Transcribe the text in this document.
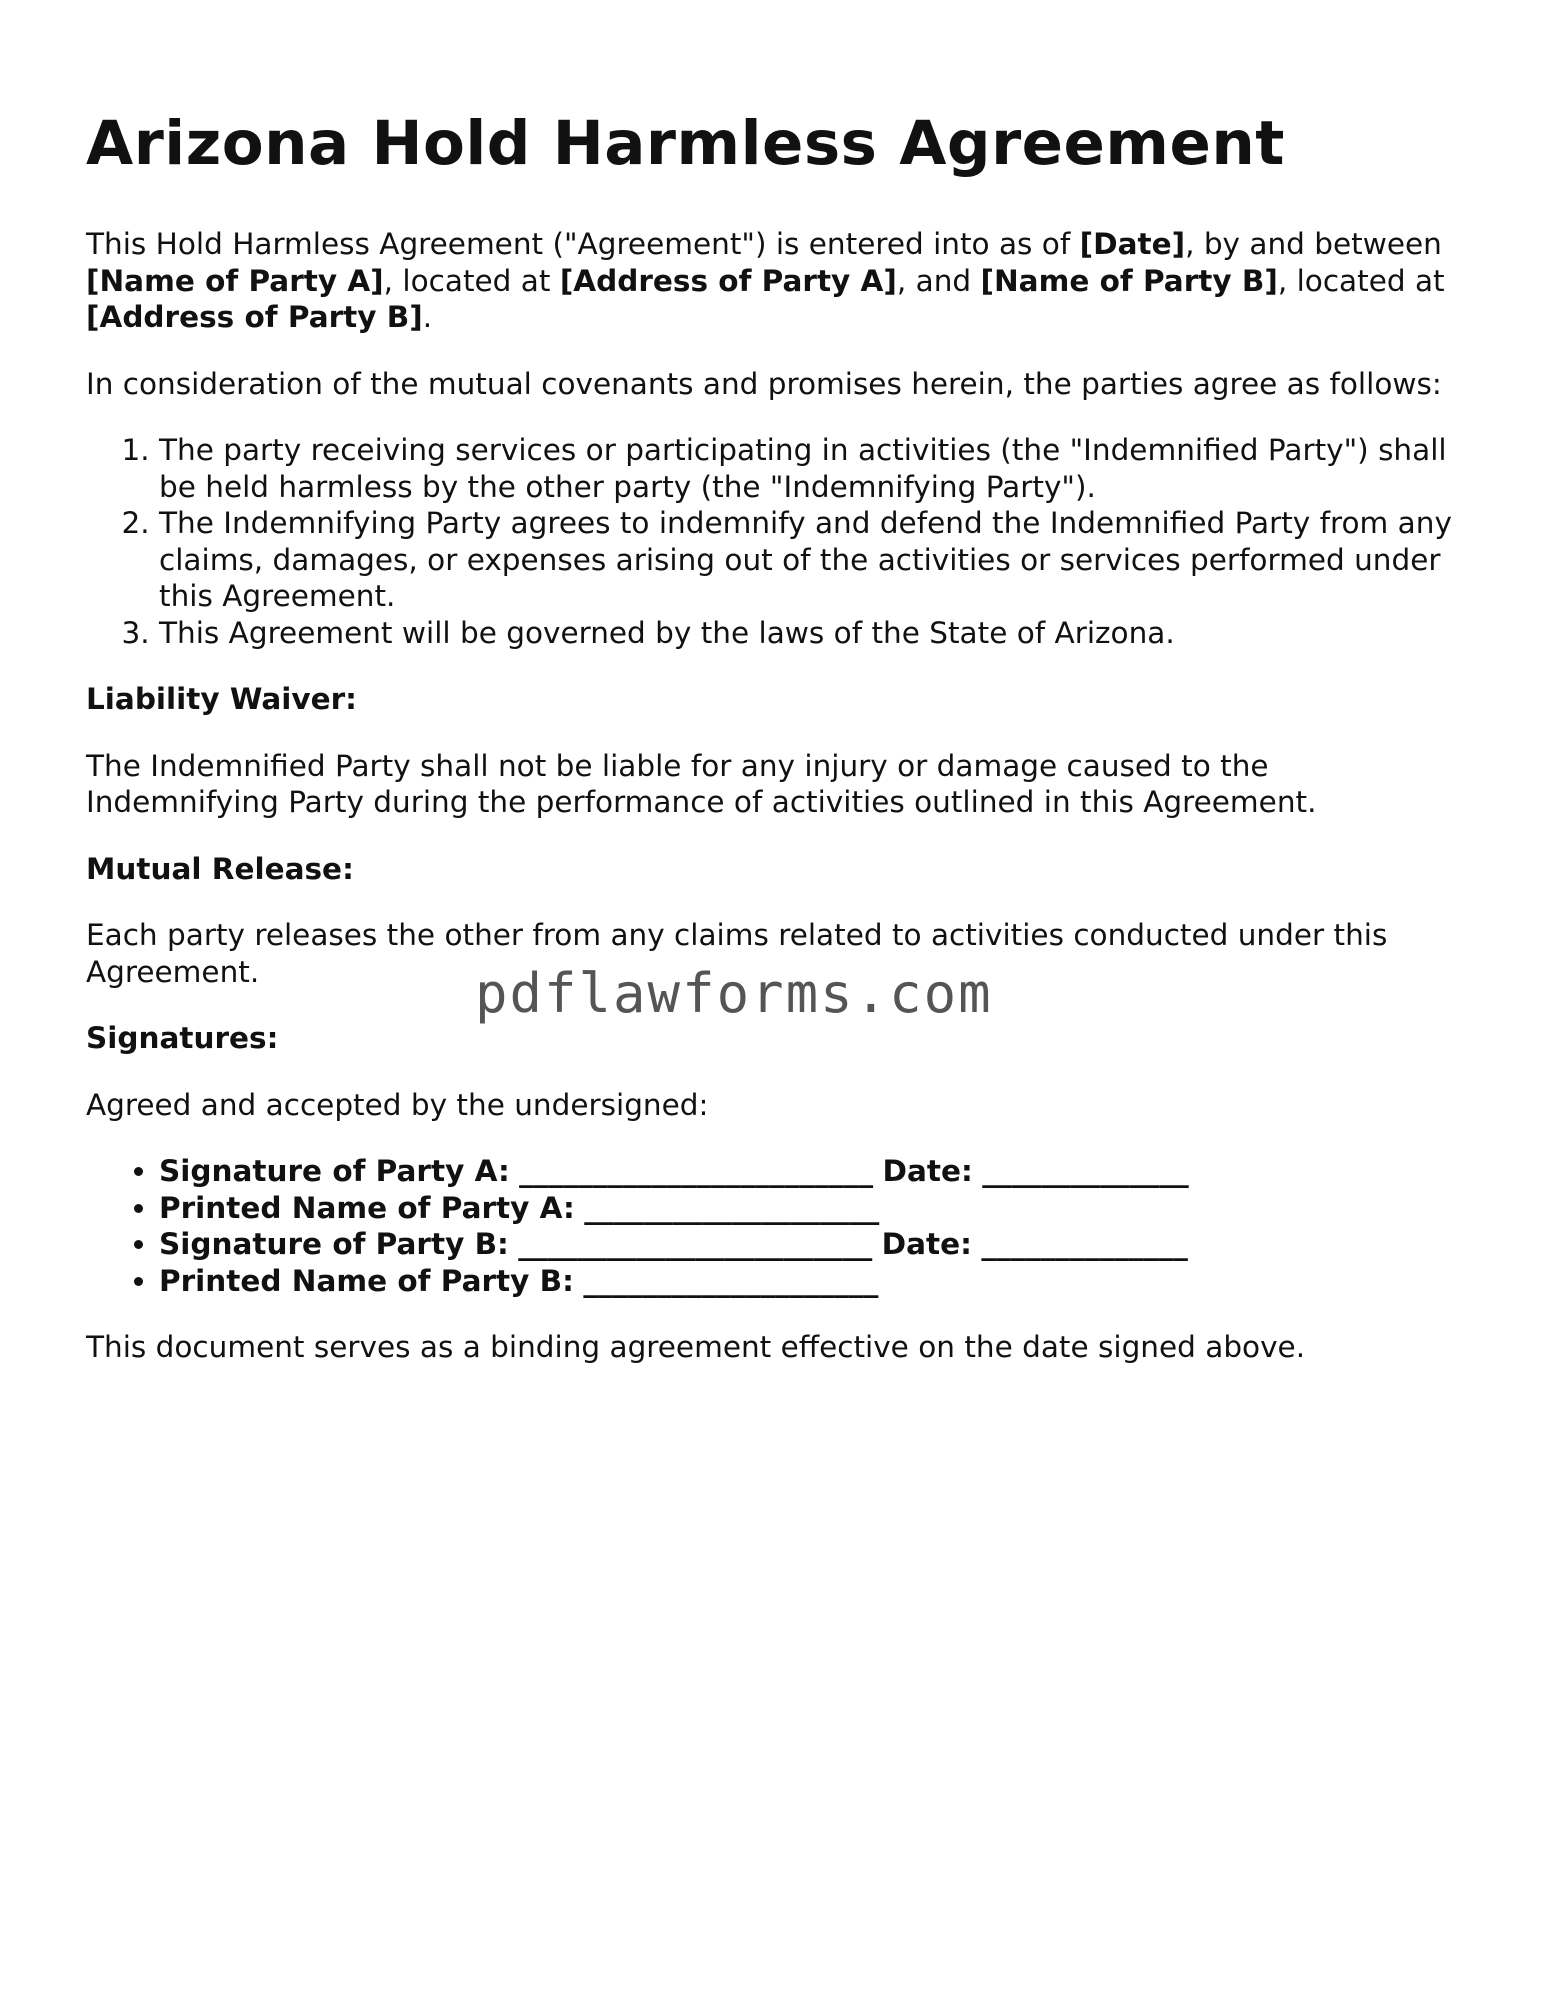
Arizona Hold Harmless Agreement

This Hold Harmless Agreement ("Agreement") is entered into as of [Date], by and between [Name of Party A], located at [Address of Party A], and [Name of Party B], located at [Address of Party B].

In consideration of the mutual covenants and promises herein, the parties agree as follows:

1. The party receiving services or participating in activities (the "Indemnified Party") shall be held harmless by the other party (the "Indemnifying Party").
2. The Indemnifying Party agrees to indemnify and defend the Indemnified Party from any claims, damages, or expenses arising out of the activities or services performed under this Agreement.
3. This Agreement will be governed by the laws of the State of Arizona.

Liability Waiver:

The Indemnified Party shall not be liable for any injury or damage caused to the Indemnifying Party during the performance of activities outlined in this Agreement.

Mutual Release:

Each party releases the other from any claims related to activities conducted under this Agreement.

Signatures:

Agreed and accepted by the undersigned:

• Signature of Party A: ________________________ Date: ______________
• Printed Name of Party A: ____________________
• Signature of Party B: ________________________ Date: ______________
• Printed Name of Party B: ____________________

This document serves as a binding agreement effective on the date signed above.

pdflawforms.com
